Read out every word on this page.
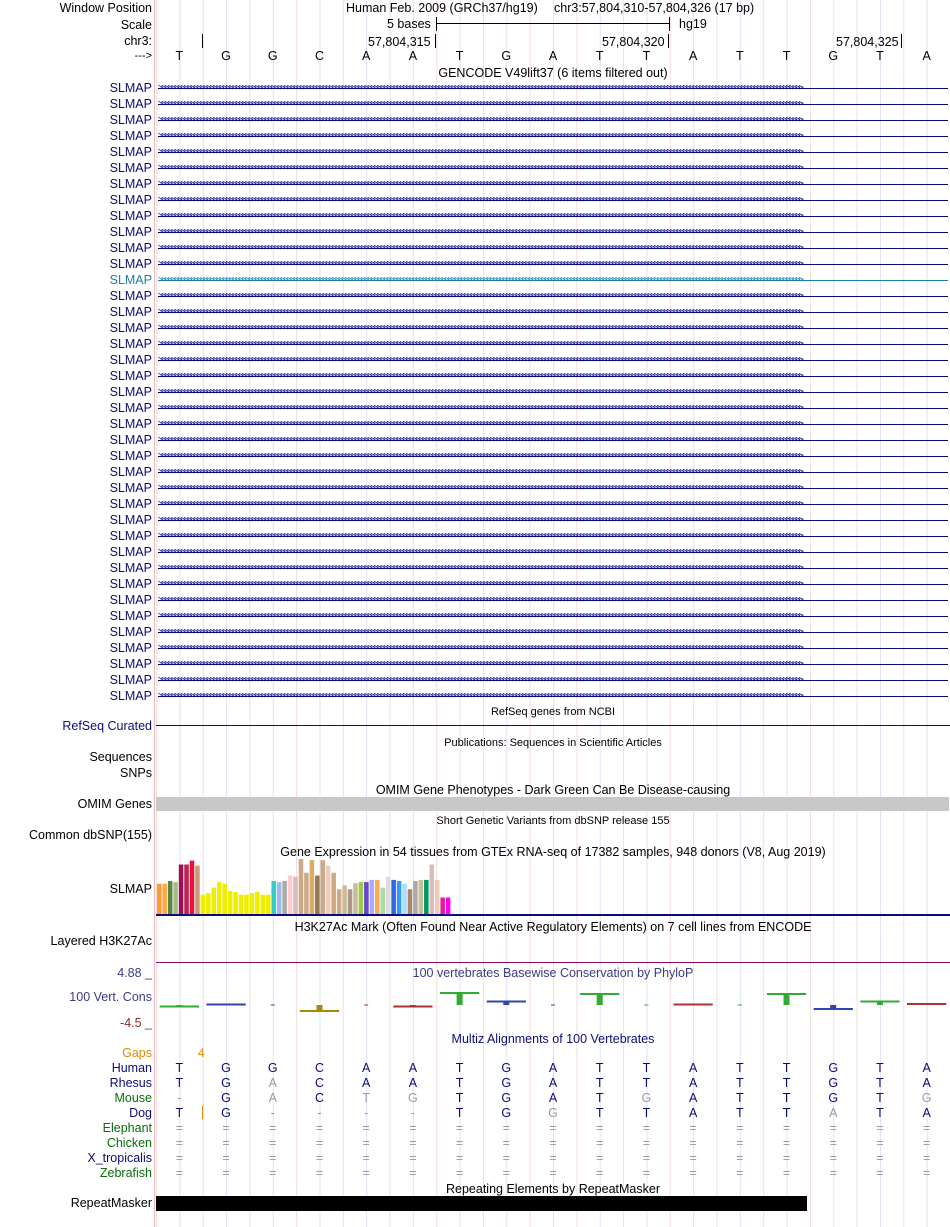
Window Position	Human Feb. 2009 (GRCh37/hg19) chr3:57,804,310-57,804,326 (17 bp)
Scale	5 bases	hg19
chr3:	57,804,315	57,804,320	57,804,325
--->	T	G	G	C	A	A	T	G	A	T	T	A	T	T	G	T	A
GENCODE V49lift37 (6 items filtered out)
SLMAP >>>>>>>>>>>>>>>>>>>>>>>>>>>>>>>>>>>>>>>>>>>>>>>>>>>>>>>>>>>>>>>>>>>>>>>>>>>>>>>>>>>>>>>>>>>>>>>>>>>>>>>>>>>>>>>>>>>>>>>>>>>>>>>>>>>>>>>>>>>>>>>>>>>>>>>>>>>>>>>>>>>>>>>>>>>>>>>>>>>>>>>>>>>>>>>>>>>>>>>>
SLMAP >>>>>>>>>>>>>>>>>>>>>>>>>>>>>>>>>>>>>>>>>>>>>>>>>>>>>>>>>>>>>>>>>>>>>>>>>>>>>>>>>>>>>>>>>>>>>>>>>>>>>>>>>>>>>>>>>>>>>>>>>>>>>>>>>>>>>>>>>>>>>>>>>>>>>>>>>>>>>>>>>>>>>>>>>>>>>>>>>>>>>>>>>>>>>>>>>>>>>>>>
SLMAP >>>>>>>>>>>>>>>>>>>>>>>>>>>>>>>>>>>>>>>>>>>>>>>>>>>>>>>>>>>>>>>>>>>>>>>>>>>>>>>>>>>>>>>>>>>>>>>>>>>>>>>>>>>>>>>>>>>>>>>>>>>>>>>>>>>>>>>>>>>>>>>>>>>>>>>>>>>>>>>>>>>>>>>>>>>>>>>>>>>>>>>>>>>>>>>>>>>>>>>>
SLMAP >>>>>>>>>>>>>>>>>>>>>>>>>>>>>>>>>>>>>>>>>>>>>>>>>>>>>>>>>>>>>>>>>>>>>>>>>>>>>>>>>>>>>>>>>>>>>>>>>>>>>>>>>>>>>>>>>>>>>>>>>>>>>>>>>>>>>>>>>>>>>>>>>>>>>>>>>>>>>>>>>>>>>>>>>>>>>>>>>>>>>>>>>>>>>>>>>>>>>>>>
SLMAP >>>>>>>>>>>>>>>>>>>>>>>>>>>>>>>>>>>>>>>>>>>>>>>>>>>>>>>>>>>>>>>>>>>>>>>>>>>>>>>>>>>>>>>>>>>>>>>>>>>>>>>>>>>>>>>>>>>>>>>>>>>>>>>>>>>>>>>>>>>>>>>>>>>>>>>>>>>>>>>>>>>>>>>>>>>>>>>>>>>>>>>>>>>>>>>>>>>>>>>>
SLMAP >>>>>>>>>>>>>>>>>>>>>>>>>>>>>>>>>>>>>>>>>>>>>>>>>>>>>>>>>>>>>>>>>>>>>>>>>>>>>>>>>>>>>>>>>>>>>>>>>>>>>>>>>>>>>>>>>>>>>>>>>>>>>>>>>>>>>>>>>>>>>>>>>>>>>>>>>>>>>>>>>>>>>>>>>>>>>>>>>>>>>>>>>>>>>>>>>>>>>>>>
SLMAP >>>>>>>>>>>>>>>>>>>>>>>>>>>>>>>>>>>>>>>>>>>>>>>>>>>>>>>>>>>>>>>>>>>>>>>>>>>>>>>>>>>>>>>>>>>>>>>>>>>>>>>>>>>>>>>>>>>>>>>>>>>>>>>>>>>>>>>>>>>>>>>>>>>>>>>>>>>>>>>>>>>>>>>>>>>>>>>>>>>>>>>>>>>>>>>>>>>>>>>>
SLMAP >>>>>>>>>>>>>>>>>>>>>>>>>>>>>>>>>>>>>>>>>>>>>>>>>>>>>>>>>>>>>>>>>>>>>>>>>>>>>>>>>>>>>>>>>>>>>>>>>>>>>>>>>>>>>>>>>>>>>>>>>>>>>>>>>>>>>>>>>>>>>>>>>>>>>>>>>>>>>>>>>>>>>>>>>>>>>>>>>>>>>>>>>>>>>>>>>>>>>>>>
SLMAP >>>>>>>>>>>>>>>>>>>>>>>>>>>>>>>>>>>>>>>>>>>>>>>>>>>>>>>>>>>>>>>>>>>>>>>>>>>>>>>>>>>>>>>>>>>>>>>>>>>>>>>>>>>>>>>>>>>>>>>>>>>>>>>>>>>>>>>>>>>>>>>>>>>>>>>>>>>>>>>>>>>>>>>>>>>>>>>>>>>>>>>>>>>>>>>>>>>>>>>>
SLMAP >>>>>>>>>>>>>>>>>>>>>>>>>>>>>>>>>>>>>>>>>>>>>>>>>>>>>>>>>>>>>>>>>>>>>>>>>>>>>>>>>>>>>>>>>>>>>>>>>>>>>>>>>>>>>>>>>>>>>>>>>>>>>>>>>>>>>>>>>>>>>>>>>>>>>>>>>>>>>>>>>>>>>>>>>>>>>>>>>>>>>>>>>>>>>>>>>>>>>>>>
SLMAP >>>>>>>>>>>>>>>>>>>>>>>>>>>>>>>>>>>>>>>>>>>>>>>>>>>>>>>>>>>>>>>>>>>>>>>>>>>>>>>>>>>>>>>>>>>>>>>>>>>>>>>>>>>>>>>>>>>>>>>>>>>>>>>>>>>>>>>>>>>>>>>>>>>>>>>>>>>>>>>>>>>>>>>>>>>>>>>>>>>>>>>>>>>>>>>>>>>>>>>>
SLMAP >>>>>>>>>>>>>>>>>>>>>>>>>>>>>>>>>>>>>>>>>>>>>>>>>>>>>>>>>>>>>>>>>>>>>>>>>>>>>>>>>>>>>>>>>>>>>>>>>>>>>>>>>>>>>>>>>>>>>>>>>>>>>>>>>>>>>>>>>>>>>>>>>>>>>>>>>>>>>>>>>>>>>>>>>>>>>>>>>>>>>>>>>>>>>>>>>>>>>>>>
SLMAP >>>>>>>>>>>>>>>>>>>>>>>>>>>>>>>>>>>>>>>>>>>>>>>>>>>>>>>>>>>>>>>>>>>>>>>>>>>>>>>>>>>>>>>>>>>>>>>>>>>>>>>>>>>>>>>>>>>>>>>>>>>>>>>>>>>>>>>>>>>>>>>>>>>>>>>>>>>>>>>>>>>>>>>>>>>>>>>>>>>>>>>>>>>>>>>>>>>>>>>>
SLMAP >>>>>>>>>>>>>>>>>>>>>>>>>>>>>>>>>>>>>>>>>>>>>>>>>>>>>>>>>>>>>>>>>>>>>>>>>>>>>>>>>>>>>>>>>>>>>>>>>>>>>>>>>>>>>>>>>>>>>>>>>>>>>>>>>>>>>>>>>>>>>>>>>>>>>>>>>>>>>>>>>>>>>>>>>>>>>>>>>>>>>>>>>>>>>>>>>>>>>>>>
SLMAP >>>>>>>>>>>>>>>>>>>>>>>>>>>>>>>>>>>>>>>>>>>>>>>>>>>>>>>>>>>>>>>>>>>>>>>>>>>>>>>>>>>>>>>>>>>>>>>>>>>>>>>>>>>>>>>>>>>>>>>>>>>>>>>>>>>>>>>>>>>>>>>>>>>>>>>>>>>>>>>>>>>>>>>>>>>>>>>>>>>>>>>>>>>>>>>>>>>>>>>>
SLMAP >>>>>>>>>>>>>>>>>>>>>>>>>>>>>>>>>>>>>>>>>>>>>>>>>>>>>>>>>>>>>>>>>>>>>>>>>>>>>>>>>>>>>>>>>>>>>>>>>>>>>>>>>>>>>>>>>>>>>>>>>>>>>>>>>>>>>>>>>>>>>>>>>>>>>>>>>>>>>>>>>>>>>>>>>>>>>>>>>>>>>>>>>>>>>>>>>>>>>>>>
SLMAP >>>>>>>>>>>>>>>>>>>>>>>>>>>>>>>>>>>>>>>>>>>>>>>>>>>>>>>>>>>>>>>>>>>>>>>>>>>>>>>>>>>>>>>>>>>>>>>>>>>>>>>>>>>>>>>>>>>>>>>>>>>>>>>>>>>>>>>>>>>>>>>>>>>>>>>>>>>>>>>>>>>>>>>>>>>>>>>>>>>>>>>>>>>>>>>>>>>>>>>>
SLMAP >>>>>>>>>>>>>>>>>>>>>>>>>>>>>>>>>>>>>>>>>>>>>>>>>>>>>>>>>>>>>>>>>>>>>>>>>>>>>>>>>>>>>>>>>>>>>>>>>>>>>>>>>>>>>>>>>>>>>>>>>>>>>>>>>>>>>>>>>>>>>>>>>>>>>>>>>>>>>>>>>>>>>>>>>>>>>>>>>>>>>>>>>>>>>>>>>>>>>>>>
SLMAP >>>>>>>>>>>>>>>>>>>>>>>>>>>>>>>>>>>>>>>>>>>>>>>>>>>>>>>>>>>>>>>>>>>>>>>>>>>>>>>>>>>>>>>>>>>>>>>>>>>>>>>>>>>>>>>>>>>>>>>>>>>>>>>>>>>>>>>>>>>>>>>>>>>>>>>>>>>>>>>>>>>>>>>>>>>>>>>>>>>>>>>>>>>>>>>>>>>>>>>>
SLMAP >>>>>>>>>>>>>>>>>>>>>>>>>>>>>>>>>>>>>>>>>>>>>>>>>>>>>>>>>>>>>>>>>>>>>>>>>>>>>>>>>>>>>>>>>>>>>>>>>>>>>>>>>>>>>>>>>>>>>>>>>>>>>>>>>>>>>>>>>>>>>>>>>>>>>>>>>>>>>>>>>>>>>>>>>>>>>>>>>>>>>>>>>>>>>>>>>>>>>>>>
SLMAP >>>>>>>>>>>>>>>>>>>>>>>>>>>>>>>>>>>>>>>>>>>>>>>>>>>>>>>>>>>>>>>>>>>>>>>>>>>>>>>>>>>>>>>>>>>>>>>>>>>>>>>>>>>>>>>>>>>>>>>>>>>>>>>>>>>>>>>>>>>>>>>>>>>>>>>>>>>>>>>>>>>>>>>>>>>>>>>>>>>>>>>>>>>>>>>>>>>>>>>>
SLMAP >>>>>>>>>>>>>>>>>>>>>>>>>>>>>>>>>>>>>>>>>>>>>>>>>>>>>>>>>>>>>>>>>>>>>>>>>>>>>>>>>>>>>>>>>>>>>>>>>>>>>>>>>>>>>>>>>>>>>>>>>>>>>>>>>>>>>>>>>>>>>>>>>>>>>>>>>>>>>>>>>>>>>>>>>>>>>>>>>>>>>>>>>>>>>>>>>>>>>>>>
SLMAP >>>>>>>>>>>>>>>>>>>>>>>>>>>>>>>>>>>>>>>>>>>>>>>>>>>>>>>>>>>>>>>>>>>>>>>>>>>>>>>>>>>>>>>>>>>>>>>>>>>>>>>>>>>>>>>>>>>>>>>>>>>>>>>>>>>>>>>>>>>>>>>>>>>>>>>>>>>>>>>>>>>>>>>>>>>>>>>>>>>>>>>>>>>>>>>>>>>>>>>>
SLMAP >>>>>>>>>>>>>>>>>>>>>>>>>>>>>>>>>>>>>>>>>>>>>>>>>>>>>>>>>>>>>>>>>>>>>>>>>>>>>>>>>>>>>>>>>>>>>>>>>>>>>>>>>>>>>>>>>>>>>>>>>>>>>>>>>>>>>>>>>>>>>>>>>>>>>>>>>>>>>>>>>>>>>>>>>>>>>>>>>>>>>>>>>>>>>>>>>>>>>>>>
SLMAP >>>>>>>>>>>>>>>>>>>>>>>>>>>>>>>>>>>>>>>>>>>>>>>>>>>>>>>>>>>>>>>>>>>>>>>>>>>>>>>>>>>>>>>>>>>>>>>>>>>>>>>>>>>>>>>>>>>>>>>>>>>>>>>>>>>>>>>>>>>>>>>>>>>>>>>>>>>>>>>>>>>>>>>>>>>>>>>>>>>>>>>>>>>>>>>>>>>>>>>>
SLMAP >>>>>>>>>>>>>>>>>>>>>>>>>>>>>>>>>>>>>>>>>>>>>>>>>>>>>>>>>>>>>>>>>>>>>>>>>>>>>>>>>>>>>>>>>>>>>>>>>>>>>>>>>>>>>>>>>>>>>>>>>>>>>>>>>>>>>>>>>>>>>>>>>>>>>>>>>>>>>>>>>>>>>>>>>>>>>>>>>>>>>>>>>>>>>>>>>>>>>>>>
SLMAP >>>>>>>>>>>>>>>>>>>>>>>>>>>>>>>>>>>>>>>>>>>>>>>>>>>>>>>>>>>>>>>>>>>>>>>>>>>>>>>>>>>>>>>>>>>>>>>>>>>>>>>>>>>>>>>>>>>>>>>>>>>>>>>>>>>>>>>>>>>>>>>>>>>>>>>>>>>>>>>>>>>>>>>>>>>>>>>>>>>>>>>>>>>>>>>>>>>>>>>>
SLMAP >>>>>>>>>>>>>>>>>>>>>>>>>>>>>>>>>>>>>>>>>>>>>>>>>>>>>>>>>>>>>>>>>>>>>>>>>>>>>>>>>>>>>>>>>>>>>>>>>>>>>>>>>>>>>>>>>>>>>>>>>>>>>>>>>>>>>>>>>>>>>>>>>>>>>>>>>>>>>>>>>>>>>>>>>>>>>>>>>>>>>>>>>>>>>>>>>>>>>>>>
SLMAP >>>>>>>>>>>>>>>>>>>>>>>>>>>>>>>>>>>>>>>>>>>>>>>>>>>>>>>>>>>>>>>>>>>>>>>>>>>>>>>>>>>>>>>>>>>>>>>>>>>>>>>>>>>>>>>>>>>>>>>>>>>>>>>>>>>>>>>>>>>>>>>>>>>>>>>>>>>>>>>>>>>>>>>>>>>>>>>>>>>>>>>>>>>>>>>>>>>>>>>>
SLMAP >>>>>>>>>>>>>>>>>>>>>>>>>>>>>>>>>>>>>>>>>>>>>>>>>>>>>>>>>>>>>>>>>>>>>>>>>>>>>>>>>>>>>>>>>>>>>>>>>>>>>>>>>>>>>>>>>>>>>>>>>>>>>>>>>>>>>>>>>>>>>>>>>>>>>>>>>>>>>>>>>>>>>>>>>>>>>>>>>>>>>>>>>>>>>>>>>>>>>>>>
SLMAP >>>>>>>>>>>>>>>>>>>>>>>>>>>>>>>>>>>>>>>>>>>>>>>>>>>>>>>>>>>>>>>>>>>>>>>>>>>>>>>>>>>>>>>>>>>>>>>>>>>>>>>>>>>>>>>>>>>>>>>>>>>>>>>>>>>>>>>>>>>>>>>>>>>>>>>>>>>>>>>>>>>>>>>>>>>>>>>>>>>>>>>>>>>>>>>>>>>>>>>>
SLMAP >>>>>>>>>>>>>>>>>>>>>>>>>>>>>>>>>>>>>>>>>>>>>>>>>>>>>>>>>>>>>>>>>>>>>>>>>>>>>>>>>>>>>>>>>>>>>>>>>>>>>>>>>>>>>>>>>>>>>>>>>>>>>>>>>>>>>>>>>>>>>>>>>>>>>>>>>>>>>>>>>>>>>>>>>>>>>>>>>>>>>>>>>>>>>>>>>>>>>>>>
SLMAP >>>>>>>>>>>>>>>>>>>>>>>>>>>>>>>>>>>>>>>>>>>>>>>>>>>>>>>>>>>>>>>>>>>>>>>>>>>>>>>>>>>>>>>>>>>>>>>>>>>>>>>>>>>>>>>>>>>>>>>>>>>>>>>>>>>>>>>>>>>>>>>>>>>>>>>>>>>>>>>>>>>>>>>>>>>>>>>>>>>>>>>>>>>>>>>>>>>>>>>>
SLMAP >>>>>>>>>>>>>>>>>>>>>>>>>>>>>>>>>>>>>>>>>>>>>>>>>>>>>>>>>>>>>>>>>>>>>>>>>>>>>>>>>>>>>>>>>>>>>>>>>>>>>>>>>>>>>>>>>>>>>>>>>>>>>>>>>>>>>>>>>>>>>>>>>>>>>>>>>>>>>>>>>>>>>>>>>>>>>>>>>>>>>>>>>>>>>>>>>>>>>>>>
SLMAP >>>>>>>>>>>>>>>>>>>>>>>>>>>>>>>>>>>>>>>>>>>>>>>>>>>>>>>>>>>>>>>>>>>>>>>>>>>>>>>>>>>>>>>>>>>>>>>>>>>>>>>>>>>>>>>>>>>>>>>>>>>>>>>>>>>>>>>>>>>>>>>>>>>>>>>>>>>>>>>>>>>>>>>>>>>>>>>>>>>>>>>>>>>>>>>>>>>>>>>>
SLMAP >>>>>>>>>>>>>>>>>>>>>>>>>>>>>>>>>>>>>>>>>>>>>>>>>>>>>>>>>>>>>>>>>>>>>>>>>>>>>>>>>>>>>>>>>>>>>>>>>>>>>>>>>>>>>>>>>>>>>>>>>>>>>>>>>>>>>>>>>>>>>>>>>>>>>>>>>>>>>>>>>>>>>>>>>>>>>>>>>>>>>>>>>>>>>>>>>>>>>>>>
SLMAP >>>>>>>>>>>>>>>>>>>>>>>>>>>>>>>>>>>>>>>>>>>>>>>>>>>>>>>>>>>>>>>>>>>>>>>>>>>>>>>>>>>>>>>>>>>>>>>>>>>>>>>>>>>>>>>>>>>>>>>>>>>>>>>>>>>>>>>>>>>>>>>>>>>>>>>>>>>>>>>>>>>>>>>>>>>>>>>>>>>>>>>>>>>>>>>>>>>>>>>>
SLMAP >>>>>>>>>>>>>>>>>>>>>>>>>>>>>>>>>>>>>>>>>>>>>>>>>>>>>>>>>>>>>>>>>>>>>>>>>>>>>>>>>>>>>>>>>>>>>>>>>>>>>>>>>>>>>>>>>>>>>>>>>>>>>>>>>>>>>>>>>>>>>>>>>>>>>>>>>>>>>>>>>>>>>>>>>>>>>>>>>>>>>>>>>>>>>>>>>>>>>>>>
SLMAP >>>>>>>>>>>>>>>>>>>>>>>>>>>>>>>>>>>>>>>>>>>>>>>>>>>>>>>>>>>>>>>>>>>>>>>>>>>>>>>>>>>>>>>>>>>>>>>>>>>>>>>>>>>>>>>>>>>>>>>>>>>>>>>>>>>>>>>>>>>>>>>>>>>>>>>>>>>>>>>>>>>>>>>>>>>>>>>>>>>>>>>>>>>>>>>>>>>>>>>>
RefSeq genes from NCBI
RefSeq Curated
Publications: Sequences in Scientific Articles
Sequences
SNPs
OMIM Gene Phenotypes - Dark Green Can Be Disease-causing
OMIM Genes
Short Genetic Variants from dbSNP release 155
Common dbSNP(155)
Gene Expression in 54 tissues from GTEx RNA-seq of 17382 samples, 948 donors (V8, Aug 2019)
SLMAP
H3K27Ac Mark (Often Found Near Active Regulatory Elements) on 7 cell lines from ENCODE
Layered H3K27Ac
100 vertebrates Basewise Conservation by PhyloP
4.88 _
100 Vert. Cons
-4.5 _
Multiz Alignments of 100 Vertebrates
Gaps	4
Human	T	G	G	C	A	A	T	G	A	T	T	A	T	T	G	T	A
Rhesus	T	G	A	C	A	A	T	G	A	T	T	A	T	T	G	T	A
Mouse	-	G	A	C	T	G	T	G	A	T	G	A	T	T	G	T	G
Dog	T	G	-	-	-	-	T	G	G	T	T	A	T	T	A	T	A
Elephant	=	=	=	=	=	=	=	=	=	=	=	=	=	=	=	=	=
Chicken	=	=	=	=	=	=	=	=	=	=	=	=	=	=	=	=	=
X_tropicalis	=	=	=	=	=	=	=	=	=	=	=	=	=	=	=	=	=
Zebrafish	=	=	=	=	=	=	=	=	=	=	=	=	=	=	=	=	=
Repeating Elements by RepeatMasker
RepeatMasker
